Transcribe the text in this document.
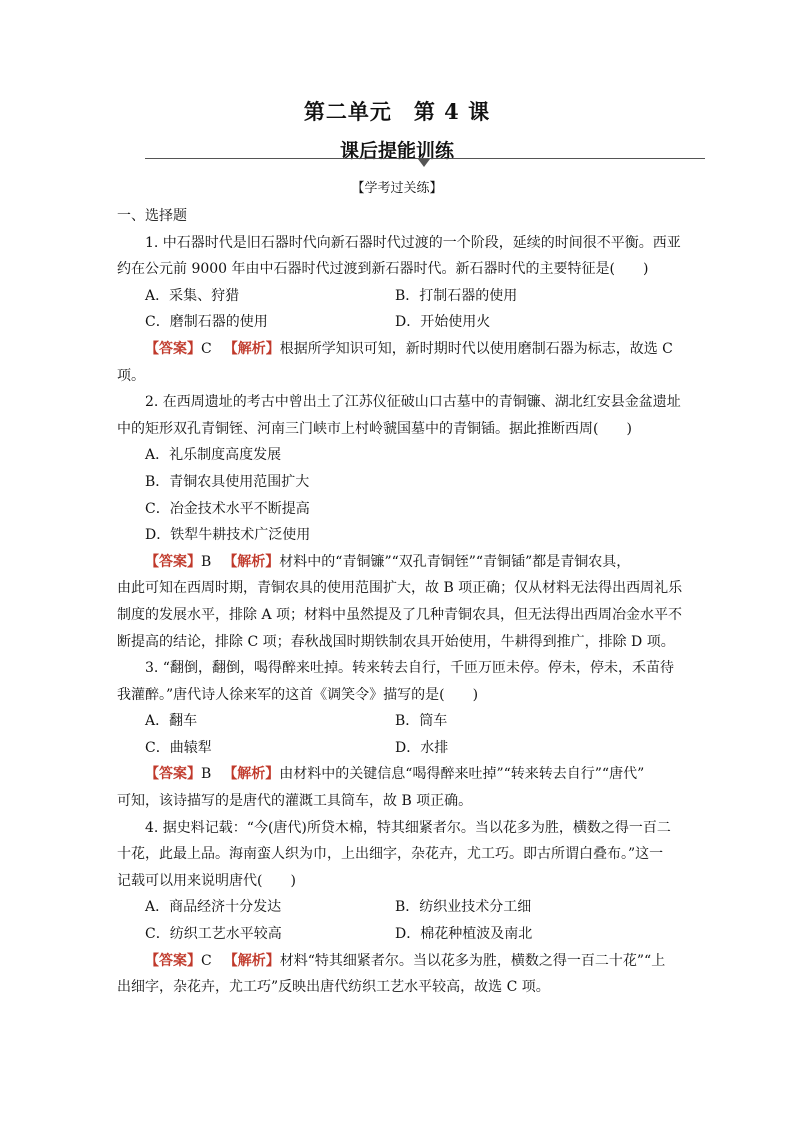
第二单元　第 4 课
课后提能训练
【学考过关练】
一、选择题
1. 中石器时代是旧石器时代向新石器时代过渡的一个阶段，延续的时间很不平衡。西亚
约在公元前 9000 年由中石器时代过渡到新石器时代。新石器时代的主要特征是(　　)
A．采集、狩猎	B．打制石器的使用
C．磨制石器的使用	D．开始使用火
【答案】C 【解析】根据所学知识可知，新时期时代以使用磨制石器为标志，故选 C
项。
2. 在西周遗址的考古中曾出土了江苏仪征破山口古墓中的青铜镰、湖北红安县金盆遗址
中的矩形双孔青铜铚、河南三门峡市上村岭虢国墓中的青铜锸。据此推断西周(　　)
A．礼乐制度高度发展
B．青铜农具使用范围扩大
C．冶金技术水平不断提高
D．铁犁牛耕技术广泛使用
【答案】B 【解析】材料中的“青铜镰”“双孔青铜铚”“青铜锸”都是青铜农具，
由此可知在西周时期，青铜农具的使用范围扩大，故 B 项正确；仅从材料无法得出西周礼乐
制度的发展水平，排除 A 项；材料中虽然提及了几种青铜农具，但无法得出西周冶金水平不
断提高的结论，排除 C 项；春秋战国时期铁制农具开始使用，牛耕得到推广，排除 D 项。
3. “翻倒，翻倒，喝得醉来吐掉。转来转去自行，千匝万匝未停。停未，停未，禾苗待
我灌醉。”唐代诗人徐来军的这首《调笑令》描写的是(　　)
A．翻车	B．筒车
C．曲辕犁	D．水排
【答案】B 【解析】由材料中的关键信息“喝得醉来吐掉”“转来转去自行”“唐代”
可知，该诗描写的是唐代的灌溉工具筒车，故 B 项正确。
4. 据史料记载：“今(唐代)所贷木棉，特其细紧者尔。当以花多为胜，横数之得一百二
十花，此最上品。海南蛮人织为巾，上出细字，杂花卉，尤工巧。即古所谓白叠布。”这一
记载可以用来说明唐代(　　)
A．商品经济十分发达	B．纺织业技术分工细
C．纺织工艺水平较高	D．棉花种植波及南北
【答案】C 【解析】材料“特其细紧者尔。当以花多为胜，横数之得一百二十花”“上
出细字，杂花卉，尤工巧”反映出唐代纺织工艺水平较高，故选 C 项。
